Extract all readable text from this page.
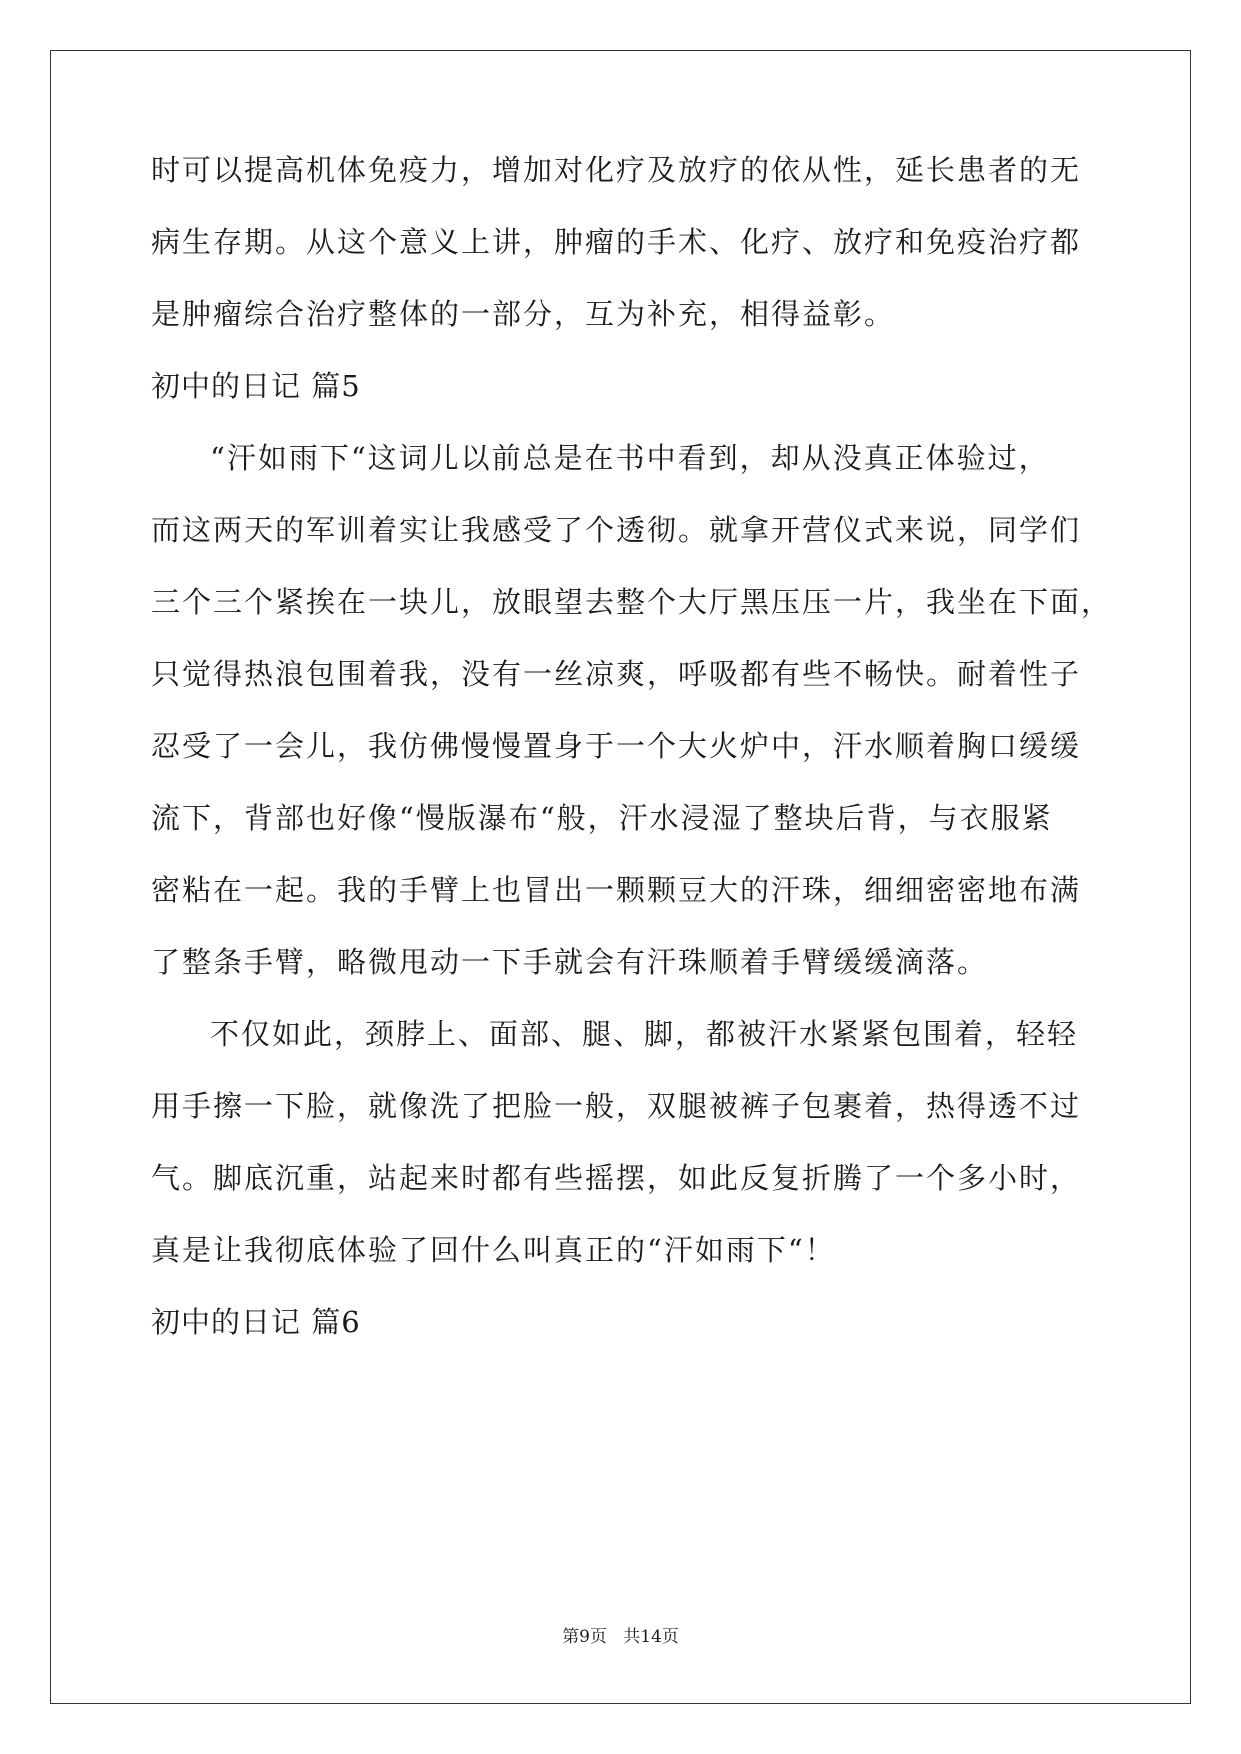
时可以提高机体免疫力，增加对化疗及放疗的依从性，延长患者的无
病生存期。从这个意义上讲，肿瘤的手术、化疗、放疗和免疫治疗都
是肿瘤综合治疗整体的一部分，互为补充，相得益彰。
初中的日记 篇5
“汗如雨下“这词儿以前总是在书中看到，却从没真正体验过，
而这两天的军训着实让我感受了个透彻。就拿开营仪式来说，同学们
三个三个紧挨在一块儿，放眼望去整个大厅黑压压一片，我坐在下面，
只觉得热浪包围着我，没有一丝凉爽，呼吸都有些不畅快。耐着性子
忍受了一会儿，我仿佛慢慢置身于一个大火炉中，汗水顺着胸口缓缓
流下，背部也好像“慢版瀑布“般，汗水浸湿了整块后背，与衣服紧
密粘在一起。我的手臂上也冒出一颗颗豆大的汗珠，细细密密地布满
了整条手臂，略微甩动一下手就会有汗珠顺着手臂缓缓滴落。
不仅如此，颈脖上、面部、腿、脚，都被汗水紧紧包围着，轻轻
用手擦一下脸，就像洗了把脸一般，双腿被裤子包裹着，热得透不过
气。脚底沉重，站起来时都有些摇摆，如此反复折腾了一个多小时，
真是让我彻底体验了回什么叫真正的“汗如雨下“！
初中的日记 篇6
第9页 共14页
